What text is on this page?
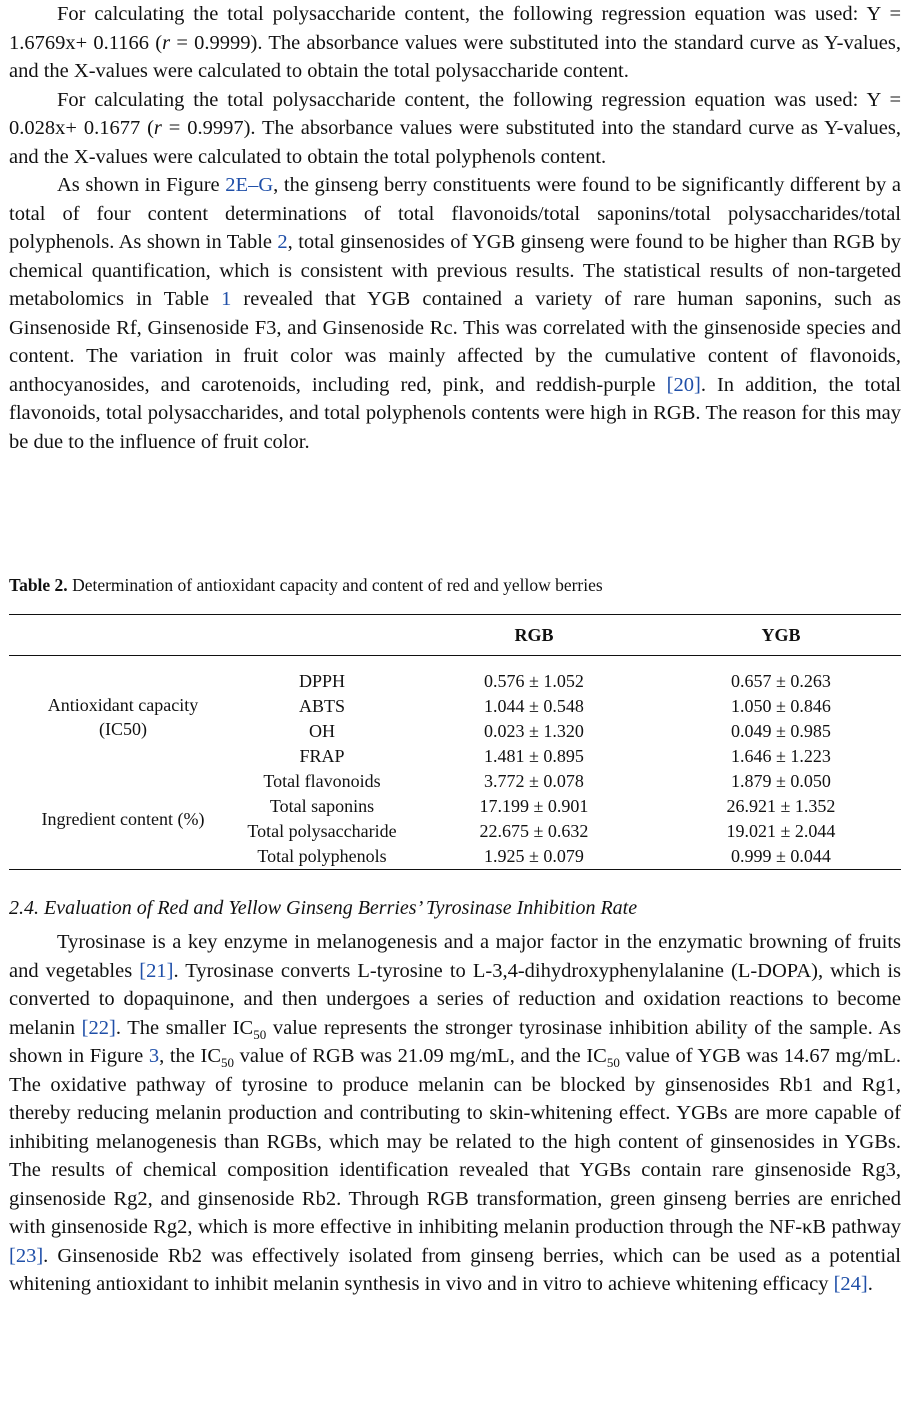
For calculating the total polysaccharide content, the following regression equation was used: Y = 1.6769x+ 0.1166 (r = 0.9999). The absorbance values were substituted into the standard curve as Y-values, and the X-values were calculated to obtain the total polysaccharide content.

For calculating the total polysaccharide content, the following regression equation was used: Y = 0.028x+ 0.1677 (r = 0.9997). The absorbance values were substituted into the standard curve as Y-values, and the X-values were calculated to obtain the total polyphenols content.

As shown in Figure 2E–G, the ginseng berry constituents were found to be significantly different by a total of four content determinations of total flavonoids/total saponins/total polysaccharides/total polyphenols. As shown in Table 2, total ginsenosides of YGB ginseng were found to be higher than RGB by chemical quantification, which is consistent with previous results. The statistical results of non-targeted metabolomics in Table 1 revealed that YGB contained a variety of rare human saponins, such as Ginsenoside Rf, Ginsenoside F3, and Ginsenoside Rc. This was correlated with the ginsenoside species and content. The variation in fruit color was mainly affected by the cumulative content of flavonoids, anthocyanosides, and carotenoids, including red, pink, and reddish-purple [20]. In addition, the total flavonoids, total polysaccharides, and total polyphenols contents were high in RGB. The reason for this may be due to the influence of fruit color.

Table 2. Determination of antioxidant capacity and content of red and yellow berries
		RGB	YGB

Antioxidant capacity
(IC50)	DPPH	0.576 ± 1.052	0.657 ± 0.263
	ABTS	1.044 ± 0.548	1.050 ± 0.846
	OH	0.023 ± 1.320	0.049 ± 0.985
	FRAP	1.481 ± 0.895	1.646 ± 1.223

Ingredient content (%)	Total flavonoids	3.772 ± 0.078	1.879 ± 0.050
	Total saponins	17.199 ± 0.901	26.921 ± 1.352
	Total polysaccharide	22.675 ± 0.632	19.021 ± 2.044
	Total polyphenols	1.925 ± 0.079	0.999 ± 0.044
2.4. Evaluation of Red and Yellow Ginseng Berries’ Tyrosinase Inhibition Rate

Tyrosinase is a key enzyme in melanogenesis and a major factor in the enzymatic browning of fruits and vegetables [21]. Tyrosinase converts L-tyrosine to L-3,4-dihydroxyphenylalanine (L-DOPA), which is converted to dopaquinone, and then undergoes a series of reduction and oxidation reactions to become melanin [22]. The smaller $IC_{50}$ value represents the stronger tyrosinase inhibition ability of the sample. As shown in Figure 3, the $IC_{50}$ value of RGB was 21.09 mg/mL, and the $IC_{50}$ value of YGB was 14.67 mg/mL. The oxidative pathway of tyrosine to produce melanin can be blocked by ginsenosides Rb1 and Rg1, thereby reducing melanin production and contributing to skin-whitening effect. YGBs are more capable of inhibiting melanogenesis than RGBs, which may be related to the high content of ginsenosides in YGBs. The results of chemical composition identification revealed that YGBs contain rare ginsenoside Rg3, ginsenoside Rg2, and ginsenoside Rb2. Through RGB transformation, green ginseng berries are enriched with ginsenoside Rg2, which is more effective in inhibiting melanin production through the NF-κB pathway [23]. Ginsenoside Rb2 was effectively isolated from ginseng berries, which can be used as a potential whitening antioxidant to inhibit melanin synthesis in vivo and in vitro to achieve whitening efficacy [24].
